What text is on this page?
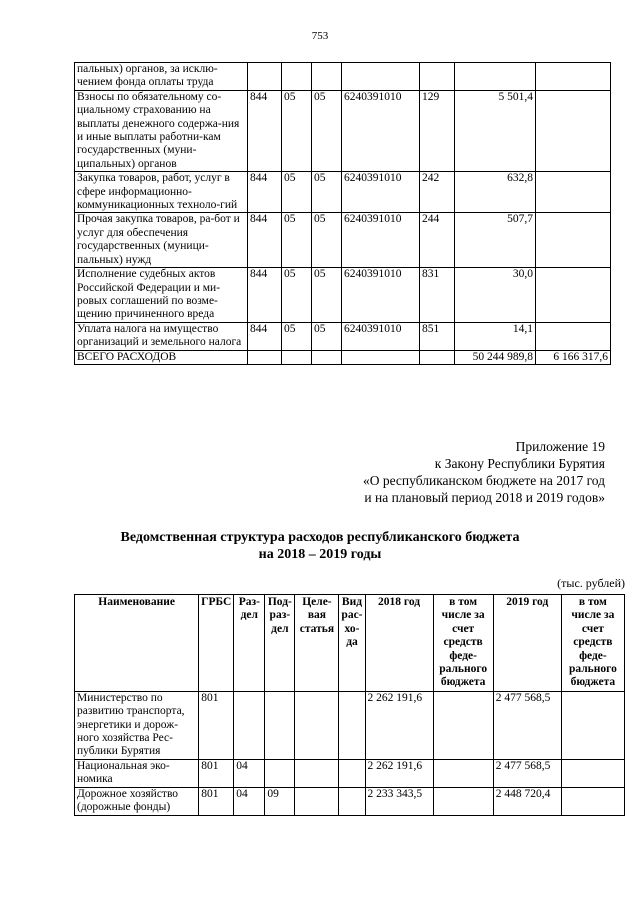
753
пальных) органов, за исклю-чением фонда оплаты труда							
Взносы по обязательному со-циальному страхованию на выплаты денежного содержа-ния и иные выплаты работни-кам государственных (муни-ципальных) органов	844	05	05	6240391010	129	5 501,4	
Закупка товаров, работ, услуг в сфере информационно-коммуникационных техноло-гий	844	05	05	6240391010	242	632,8	
Прочая закупка товаров, ра-бот и услуг для обеспечения государственных (муници-пальных) нужд	844	05	05	6240391010	244	507,7	
Исполнение судебных актов Российской Федерации и ми-ровых соглашений по возме-щению причиненного вреда	844	05	05	6240391010	831	30,0	
Уплата налога на имущество организаций и земельного налога	844	05	05	6240391010	851	14,1	
ВСЕГО РАСХОДОВ						50 244 989,8	6 166 317,6
Приложение 19
к Закону Республики Бурятия
«О республиканском бюджете на 2017 год
и на плановый период 2018 и 2019 годов»
Ведомственная структура расходов республиканского бюджета
на 2018 – 2019 годы
(тыс. рублей)
Наименование	ГРБС	Раз-дел	Под-раз-дел	Целе-вая статья	Вид рас-хо-да	2018 год	в том числе за счет средств феде-рального бюджета	2019 год	в том числе за счет средств феде-рального бюджета
Министерство по развитию транспорта, энергетики и дорож-ного хозяйства Рес-публики Бурятия	801					2 262 191,6		2 477 568,5	
Национальная эко-номика	801	04				2 262 191,6		2 477 568,5	
Дорожное хозяйство (дорожные фонды)	801	04	09			2 233 343,5		2 448 720,4	
